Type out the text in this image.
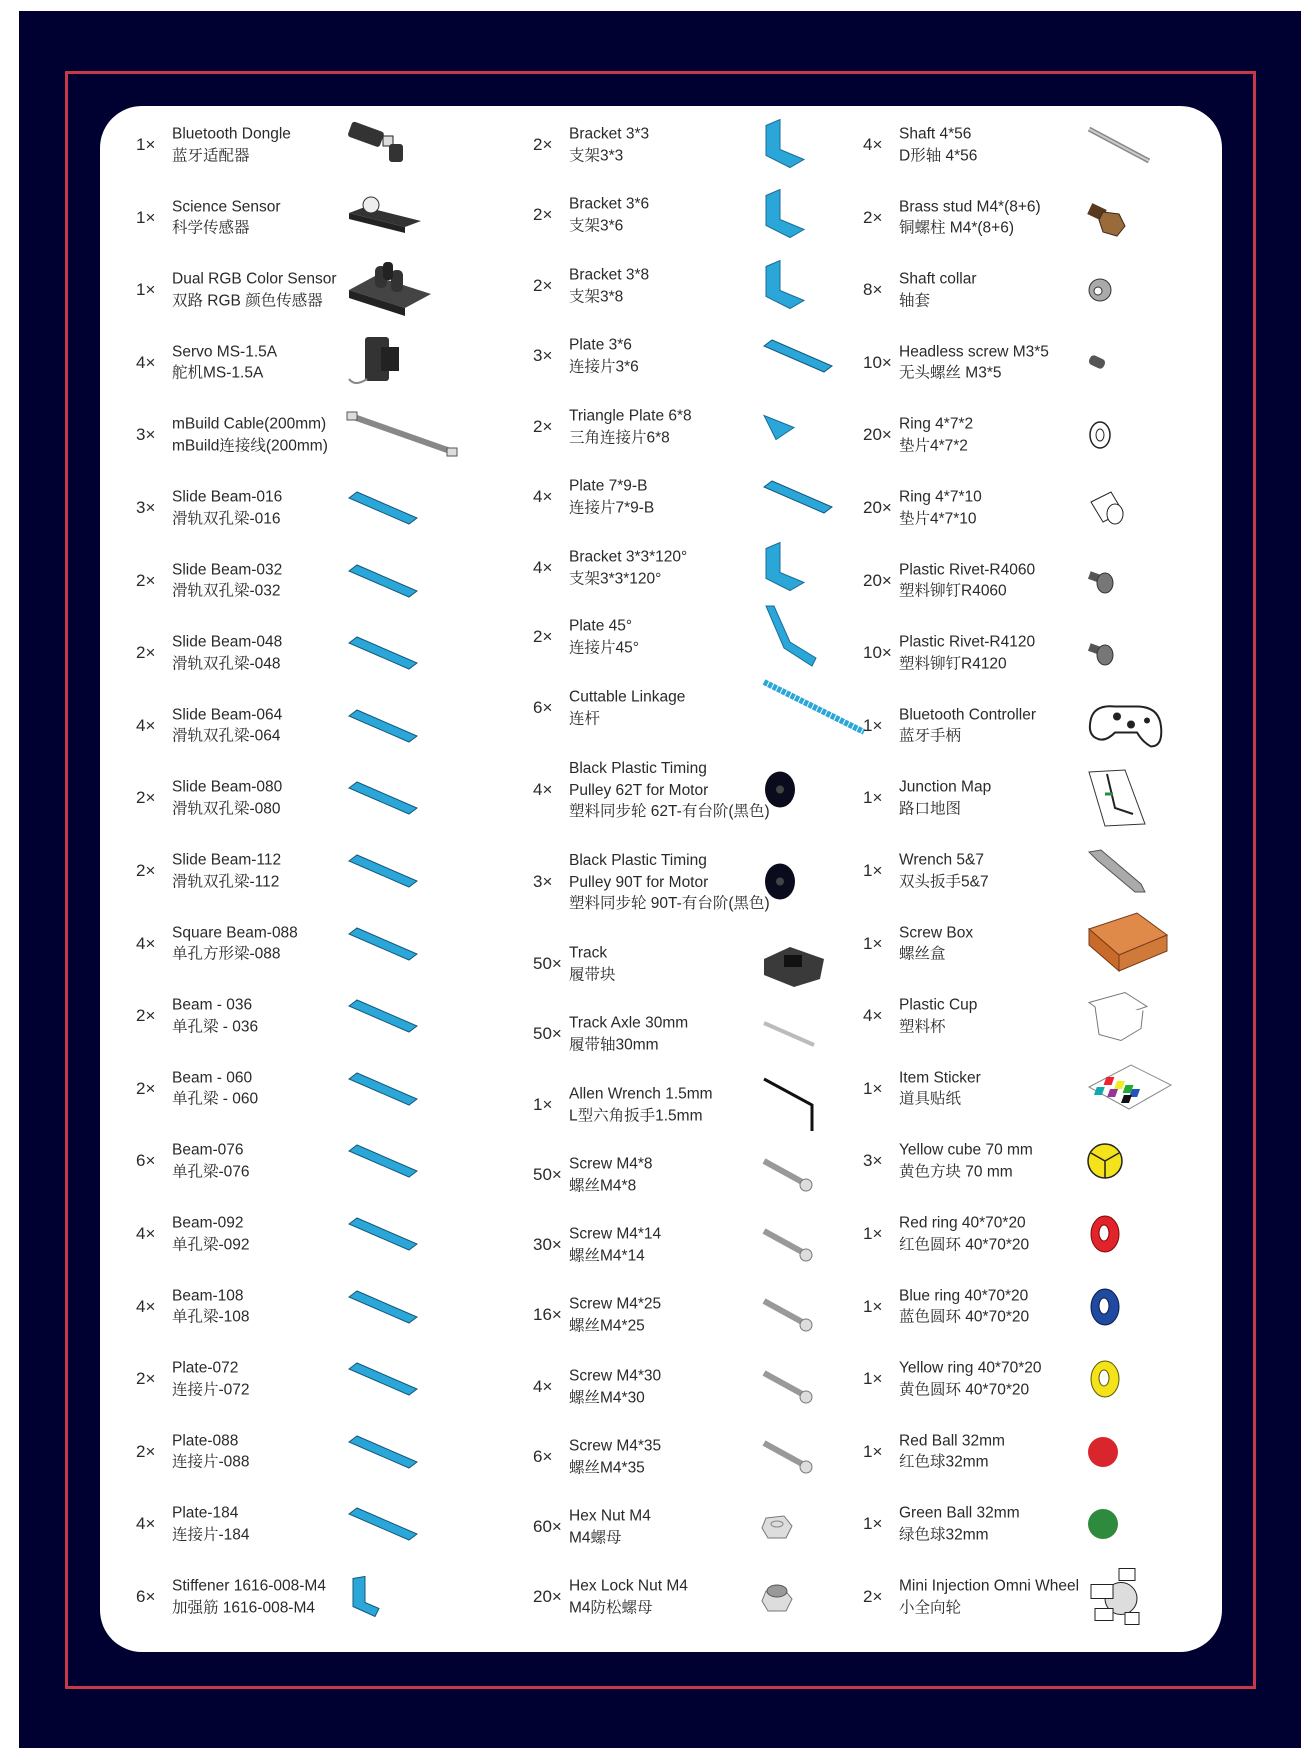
1×
Bluetooth Dongle
蓝牙适配器
1×
Science Sensor
科学传感器
1×
Dual RGB Color Sensor
双路 RGB 颜色传感器
4×
Servo MS-1.5A
舵机MS-1.5A
3×
mBuild Cable(200mm)
mBuild连接线(200mm)
3×
Slide Beam-016
滑轨双孔梁-016
2×
Slide Beam-032
滑轨双孔梁-032
2×
Slide Beam-048
滑轨双孔梁-048
4×
Slide Beam-064
滑轨双孔梁-064
2×
Slide Beam-080
滑轨双孔梁-080
2×
Slide Beam-112
滑轨双孔梁-112
4×
Square Beam-088
单孔方形梁-088
2×
Beam - 036
单孔梁 - 036
2×
Beam - 060
单孔梁 - 060
6×
Beam-076
单孔梁-076
4×
Beam-092
单孔梁-092
4×
Beam-108
单孔梁-108
2×
Plate-072
连接片-072
2×
Plate-088
连接片-088
4×
Plate-184
连接片-184
6×
Stiffener 1616-008-M4
加强筋 1616-008-M4
2×
Bracket 3*3
支架3*3
2×
Bracket 3*6
支架3*6
2×
Bracket 3*8
支架3*8
3×
Plate 3*6
连接片3*6
2×
Triangle Plate 6*8
三角连接片6*8
4×
Plate 7*9-B
连接片7*9-B
4×
Bracket 3*3*120°
支架3*3*120°
2×
Plate 45°
连接片45°
6×
Cuttable Linkage
连杆
4×
Black Plastic Timing
Pulley 62T for Motor
塑料同步轮 62T-有台阶(黑色)
3×
Black Plastic Timing
Pulley 90T for Motor
塑料同步轮 90T-有台阶(黑色)
50×
Track
履带块
50×
Track Axle 30mm
履带轴30mm
1×
Allen Wrench 1.5mm
L型六角扳手1.5mm
50×
Screw M4*8
螺丝M4*8
30×
Screw M4*14
螺丝M4*14
16×
Screw M4*25
螺丝M4*25
4×
Screw M4*30
螺丝M4*30
6×
Screw M4*35
螺丝M4*35
60×
Hex Nut M4
M4螺母
20×
Hex Lock Nut M4
M4防松螺母
4×
Shaft 4*56
D形轴 4*56
2×
Brass stud M4*(8+6)
铜螺柱 M4*(8+6)
8×
Shaft collar
轴套
10×
Headless screw M3*5
无头螺丝 M3*5
20×
Ring 4*7*2
垫片4*7*2
20×
Ring 4*7*10
垫片4*7*10
20×
Plastic Rivet-R4060
塑料铆钉R4060
10×
Plastic Rivet-R4120
塑料铆钉R4120
1×
Bluetooth Controller
蓝牙手柄
1×
Junction Map
路口地图
1×
Wrench 5&7
双头扳手5&7
1×
Screw Box
螺丝盒
4×
Plastic Cup
塑料杯
1×
Item Sticker
道具贴纸
3×
Yellow cube 70 mm
黄色方块 70 mm
1×
Red ring 40*70*20
红色圆环 40*70*20
1×
Blue ring 40*70*20
蓝色圆环 40*70*20
1×
Yellow ring 40*70*20
黄色圆环 40*70*20
1×
Red Ball 32mm
红色球32mm
1×
Green Ball 32mm
绿色球32mm
2×
Mini Injection Omni Wheel
小全向轮
